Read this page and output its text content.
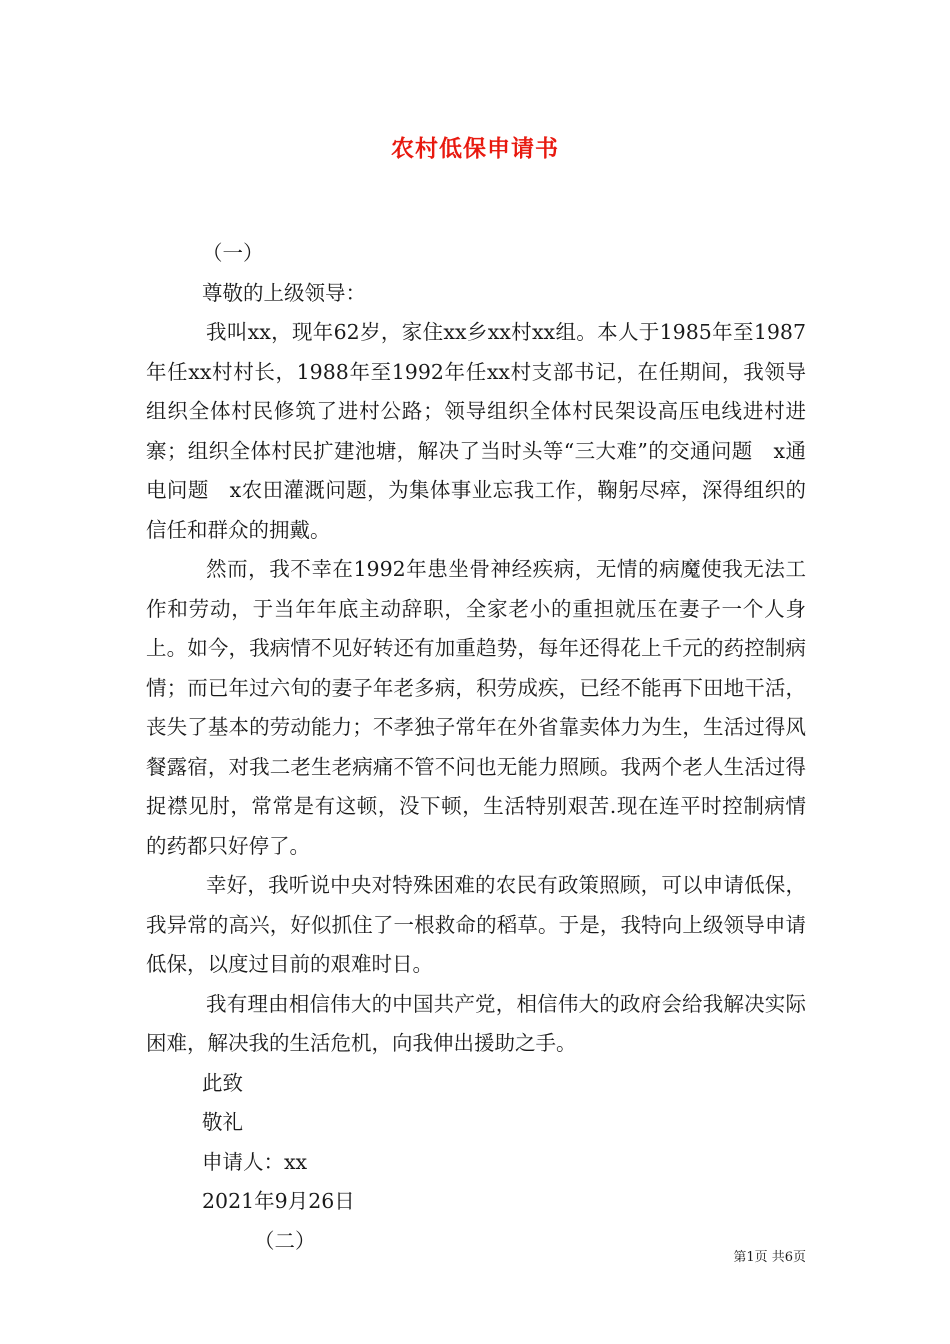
农村低保申请书
（一）
尊敬的上级领导：
我叫xx，现年62岁，家住xx乡xx村xx组。本人于1985年至1987年任xx村村长，1988年至1992年任xx村支部书记，在任期间，我领导组织全体村民修筑了进村公路；领导组织全体村民架设高压电线进村进寨；组织全体村民扩建池塘，解决了当时头等“三大难”的交通问题　x通电问题　x农田灌溉问题，为集体事业忘我工作，鞠躬尽瘁，深得组织的信任和群众的拥戴。
然而，我不幸在1992年患坐骨神经疾病，无情的病魔使我无法工作和劳动，于当年年底主动辞职，全家老小的重担就压在妻子一个人身上。如今，我病情不见好转还有加重趋势，每年还得花上千元的药控制病情；而已年过六旬的妻子年老多病，积劳成疾，已经不能再下田地干活，丧失了基本的劳动能力；不孝独子常年在外省靠卖体力为生，生活过得风餐露宿，对我二老生老病痛不管不问也无能力照顾。我两个老人生活过得捉襟见肘，常常是有这顿，没下顿，生活特别艰苦.现在连平时控制病情的药都只好停了。
幸好，我听说中央对特殊困难的农民有政策照顾，可以申请低保，我异常的高兴，好似抓住了一根救命的稻草。于是，我特向上级领导申请低保，以度过目前的艰难时日。
我有理由相信伟大的中国共产党，相信伟大的政府会给我解决实际困难，解决我的生活危机，向我伸出援助之手。
此致
敬礼
申请人：xx
2021年9月26日
（二）
第1页 共6页
